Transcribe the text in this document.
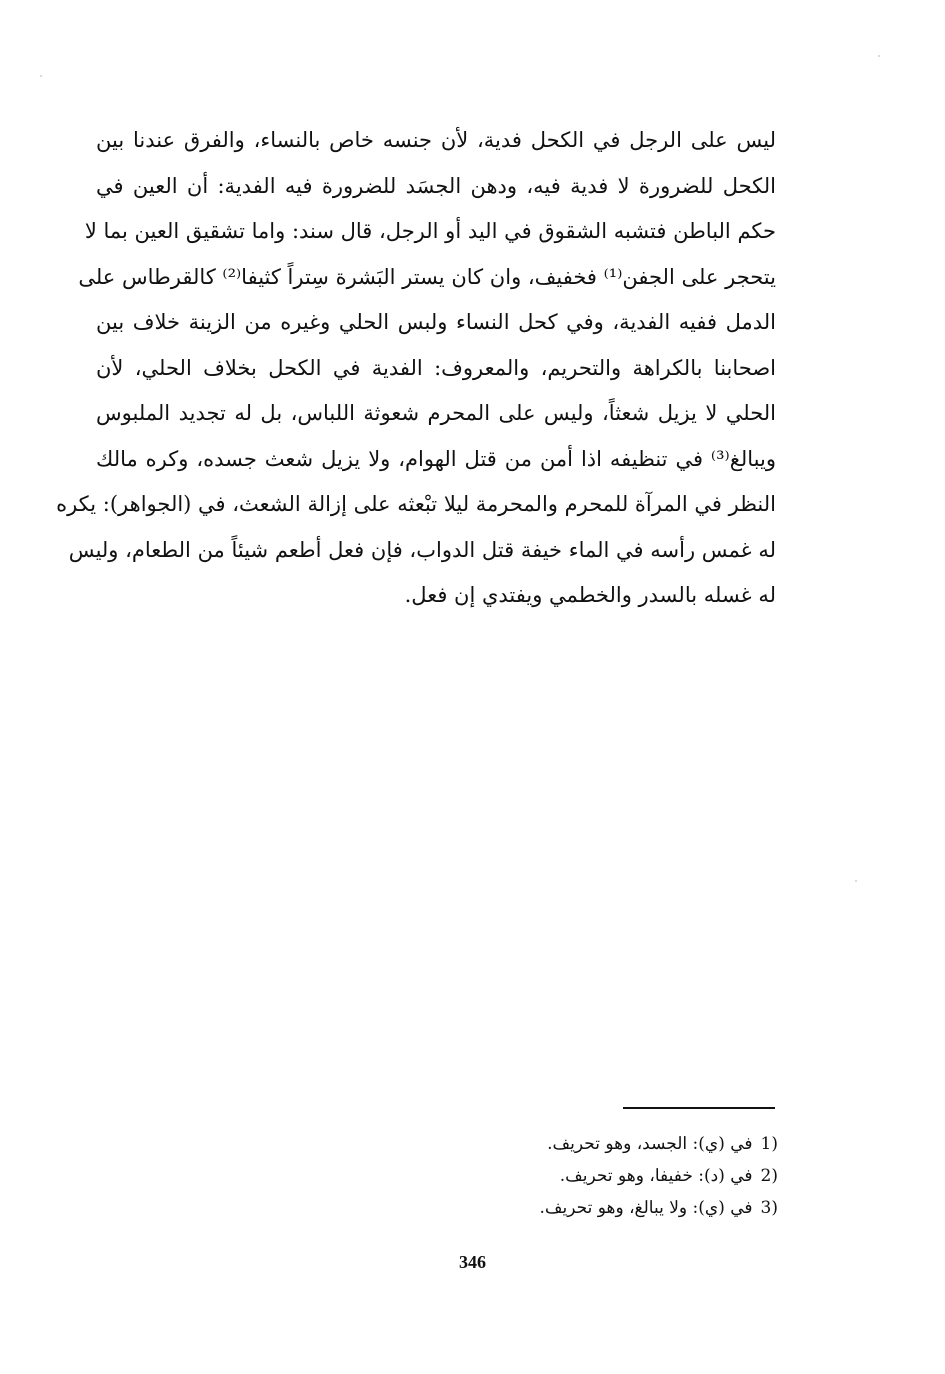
ليس على الرجل في الكحل فدية، لأن جنسه خاص بالنساء، والفرق عندنا بين
الكحل للضرورة لا فدية فيه، ودهن الجسَد للضرورة فيه الفدية: أن العين في
حكم الباطن فتشبه الشقوق في اليد أو الرجل، قال سند: واما تشقيق العين بما لا
يتحجر على الجفن⁽¹⁾ فخفيف، وان كان يستر البَشرة سِتراً كثيفا⁽²⁾ كالقرطاس على
الدمل ففيه الفدية، وفي كحل النساء ولبس الحلي وغيره من الزينة خلاف بين
اصحابنا بالكراهة والتحريم، والمعروف: الفدية في الكحل بخلاف الحلي، لأن
الحلي لا يزيل شعثاً، وليس على المحرم شعوثة اللباس، بل له تجديد الملبوس
ويبالغ⁽³⁾ في تنظيفه اذا أمن من قتل الهوام، ولا يزيل شعث جسده، وكره مالك
النظر في المرآة للمحرم والمحرمة ليلا تبْعثه على إزالة الشعث، في (الجواهر): يكره
له غمس رأسه في الماء خيفة قتل الدواب، فإن فعل أطعم شيئاً من الطعام، وليس
له غسله بالسدر والخطمي ويفتدي إن فعل.
1)في (ي): الجسد، وهو تحريف.
2)في (د): خفيفا، وهو تحريف.
3)في (ي): ولا يبالغ، وهو تحريف.
346
